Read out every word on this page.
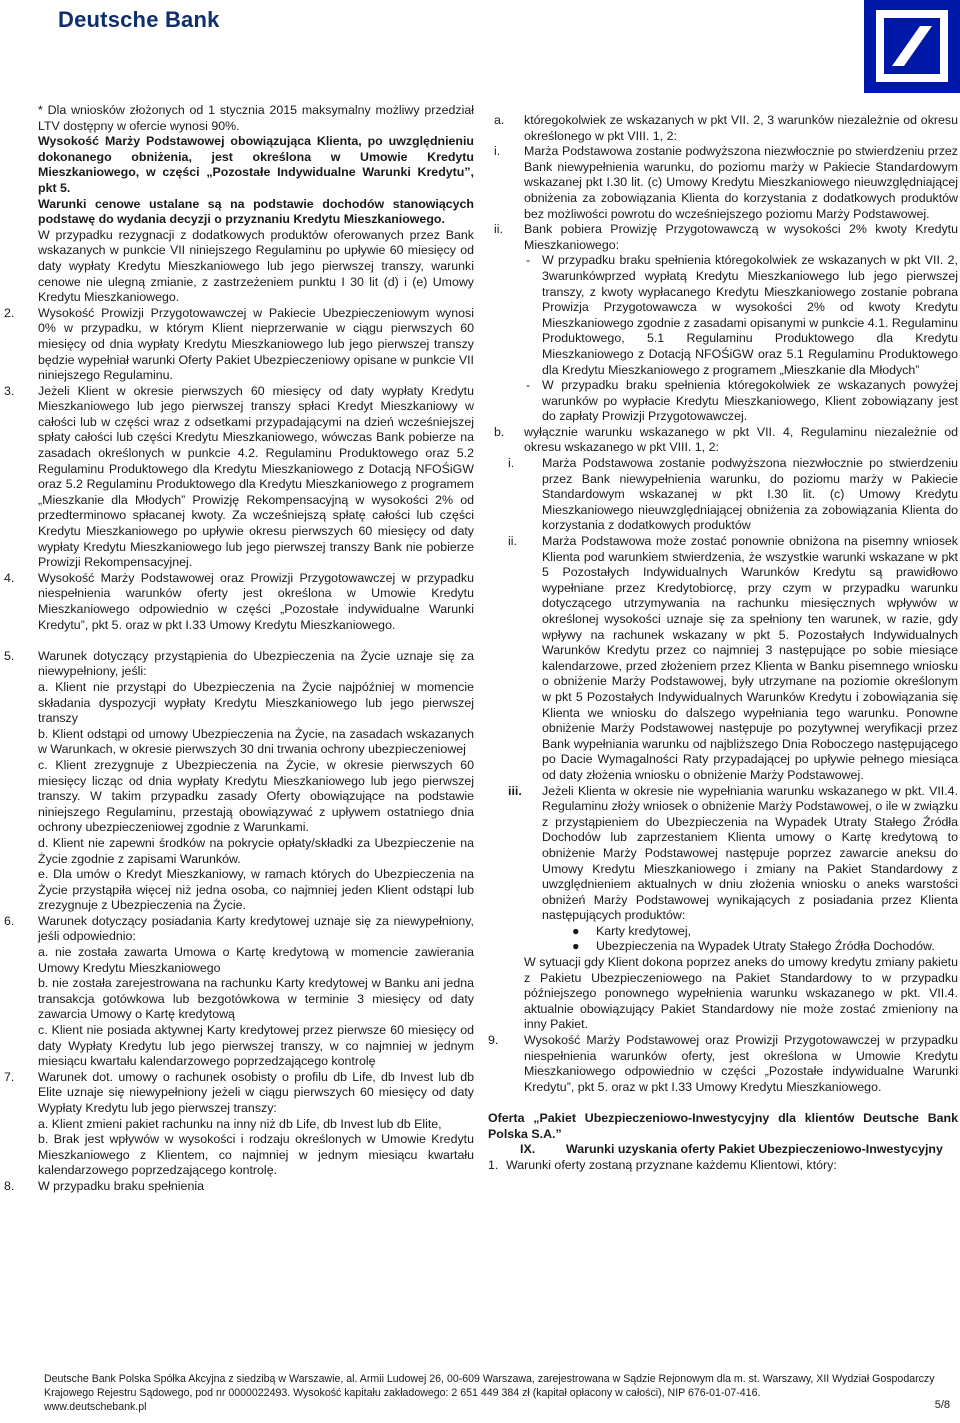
Deutsche Bank
* Dla wniosków złożonych od 1 stycznia 2015 maksymalny możliwy przedział LTV dostępny w ofercie wynosi 90%.
Wysokość Marży Podstawowej obowiązująca Klienta, po uwzględnieniu dokonanego obniżenia, jest określona w Umowie Kredytu Mieszkaniowego, w części „Pozostałe Indywidualne Warunki Kredytu”, pkt 5.
Warunki cenowe ustalane są na podstawie dochodów stanowiących podstawę do wydania decyzji o przyznaniu Kredytu Mieszkaniowego.
W przypadku rezygnacji z dodatkowych produktów oferowanych przez Bank wskazanych w punkcie VII niniejszego Regulaminu po upływie 60 miesięcy od daty wypłaty Kredytu Mieszkaniowego lub jego pierwszej transzy, warunki cenowe nie ulegną zmianie, z zastrzeżeniem punktu I 30 lit (d) i (e) Umowy Kredytu Mieszkaniowego.
2. Wysokość Prowizji Przygotowawczej w Pakiecie Ubezpieczeniowym wynosi 0% w przypadku, w którym Klient nieprzerwanie w ciągu pierwszych 60 miesięcy od dnia wypłaty Kredytu Mieszkaniowego lub jego pierwszej transzy będzie wypełniał warunki Oferty Pakiet Ubezpieczeniowy opisane w punkcie VII niniejszego Regulaminu.
3. Jeżeli Klient w okresie pierwszych 60 miesięcy od daty wypłaty Kredytu Mieszkaniowego lub jego pierwszej transzy spłaci Kredyt Mieszkaniowy w całości lub w części wraz z odsetkami przypadającymi na dzień wcześniejszej spłaty całości lub części Kredytu Mieszkaniowego, wówczas Bank pobierze na zasadach określonych w punkcie 4.2. Regulaminu Produktowego oraz 5.2 Regulaminu Produktowego dla Kredytu Mieszkaniowego z Dotacją NFOŚiGW oraz 5.2 Regulaminu Produktowego dla Kredytu Mieszkaniowego z programem „Mieszkanie dla Młodych” Prowizję Rekompensacyjną w wysokości 2% od przedterminowo spłacanej kwoty. Za wcześniejszą spłatę całości lub części Kredytu Mieszkaniowego po upływie okresu pierwszych 60 miesięcy od daty wypłaty Kredytu Mieszkaniowego lub jego pierwszej transzy Bank nie pobierze Prowizji Rekompensacyjnej.
4. Wysokość Marży Podstawowej oraz Prowizji Przygotowawczej w przypadku niespełnienia warunków oferty jest określona w Umowie Kredytu Mieszkaniowego odpowiednio w części „Pozostałe indywidualne Warunki Kredytu”, pkt 5. oraz w pkt I.33 Umowy Kredytu Mieszkaniowego.
5. Warunek dotyczący przystąpienia do Ubezpieczenia na Życie uznaje się za niewypełniony, jeśli:
a. Klient nie przystąpi do Ubezpieczenia na Życie najpóźniej w momencie składania dyspozycji wypłaty Kredytu Mieszkaniowego lub jego pierwszej transzy
b. Klient odstąpi od umowy Ubezpieczenia na Życie, na zasadach wskazanych w Warunkach, w okresie pierwszych 30 dni trwania ochrony ubezpieczeniowej
c. Klient zrezygnuje z Ubezpieczenia na Życie, w okresie pierwszych 60 miesięcy licząc od dnia wypłaty Kredytu Mieszkaniowego lub jego pierwszej transzy. W takim przypadku zasady Oferty obowiązujące na podstawie niniejszego Regulaminu, przestają obowiązywać z upływem ostatniego dnia ochrony ubezpieczeniowej zgodnie z Warunkami.
d. Klient nie zapewni środków na pokrycie opłaty/składki za Ubezpieczenie na Życie zgodnie z zapisami Warunków.
e. Dla umów o Kredyt Mieszkaniowy, w ramach których do Ubezpieczenia na Życie przystąpiła więcej niż jedna osoba, co najmniej jeden Klient odstąpi lub zrezygnuje z Ubezpieczenia na Życie.
6. Warunek dotyczący posiadania Karty kredytowej uznaje się za niewypełniony, jeśli odpowiednio:
a. nie została zawarta Umowa o Kartę kredytową w momencie zawierania Umowy Kredytu Mieszkaniowego
b. nie została zarejestrowana na rachunku Karty kredytowej w Banku ani jedna transakcja gotówkowa lub bezgotówkowa w terminie 3 miesięcy od daty zawarcia Umowy o Kartę kredytową
c. Klient nie posiada aktywnej Karty kredytowej przez pierwsze 60 miesięcy od daty Wypłaty Kredytu lub jego pierwszej transzy, w co najmniej w jednym miesiącu kwartału kalendarzowego poprzedzającego kontrolę
7. Warunek dot. umowy o rachunek osobisty o profilu db Life, db Invest lub db Elite uznaje się niewypełniony jeżeli w ciągu pierwszych 60 miesięcy od daty Wypłaty Kredytu lub jego pierwszej transzy:
a. Klient zmieni pakiet rachunku na inny niż db Life, db Invest lub db Elite,
b. Brak jest wpływów w wysokości i rodzaju określonych w Umowie Kredytu Mieszkaniowego z Klientem, co najmniej w jednym miesiącu kwartału kalendarzowego poprzedzającego kontrolę.
8. W przypadku braku spełnienia
a. któregokolwiek ze wskazanych w pkt VII. 2, 3 warunków niezależnie od okresu określonego w pkt VIII. 1, 2:
i. Marża Podstawowa zostanie podwyższona niezwłocznie po stwierdzeniu przez Bank niewypełnienia warunku, do poziomu marży w Pakiecie Standardowym wskazanej pkt I.30 lit. (c) Umowy Kredytu Mieszkaniowego nieuwzględniającej obniżenia za zobowiązania Klienta do korzystania z dodatkowych produktów bez możliwości powrotu do wcześniejszego poziomu Marży Podstawowej.
ii. Bank pobiera Prowizję Przygotowawczą w wysokości 2% kwoty Kredytu Mieszkaniowego:
- W przypadku braku spełnienia któregokolwiek ze wskazanych w pkt VII. 2, 3warunkówprzed wypłatą Kredytu Mieszkaniowego lub jego pierwszej transzy, z kwoty wypłacanego Kredytu Mieszkaniowego zostanie pobrana Prowizja Przygotowawcza w wysokości 2% od kwoty Kredytu Mieszkaniowego zgodnie z zasadami opisanymi w punkcie 4.1. Regulaminu Produktowego, 5.1 Regulaminu Produktowego dla Kredytu Mieszkaniowego z Dotacją NFOŚiGW oraz 5.1 Regulaminu Produktowego dla Kredytu Mieszkaniowego z programem „Mieszkanie dla Młodych”
- W przypadku braku spełnienia któregokolwiek ze wskazanych powyżej warunków po wypłacie Kredytu Mieszkaniowego, Klient zobowiązany jest do zapłaty Prowizji Przygotowawczej.
b. wyłącznie warunku wskazanego w pkt VII. 4, Regulaminu niezależnie od okresu wskazanego w pkt VIII. 1, 2:
i. Marża Podstawowa zostanie podwyższona niezwłocznie po stwierdzeniu przez Bank niewypełnienia warunku, do poziomu marży w Pakiecie Standardowym wskazanej w pkt I.30 lit. (c) Umowy Kredytu Mieszkaniowego nieuwzględniającej obniżenia za zobowiązania Klienta do korzystania z dodatkowych produktów
ii. Marża Podstawowa może zostać ponownie obniżona na pisemny wniosek Klienta pod warunkiem stwierdzenia, że wszystkie warunki wskazane w pkt 5 Pozostałych Indywidualnych Warunków Kredytu są prawidłowo wypełniane przez Kredytobiorcę, przy czym w przypadku warunku dotyczącego utrzymywania na rachunku miesięcznych wpływów w określonej wysokości uznaje się za spełniony ten warunek, w razie, gdy wpływy na rachunek wskazany w pkt 5. Pozostałych Indywidualnych Warunków Kredytu przez co najmniej 3 następujące po sobie miesiące kalendarzowe, przed złożeniem przez Klienta w Banku pisemnego wniosku o obniżenie Marży Podstawowej, były utrzymane na poziomie określonym w pkt 5 Pozostałych Indywidualnych Warunków Kredytu i zobowiązania się Klienta we wniosku do dalszego wypełniania tego warunku. Ponowne obniżenie Marży Podstawowej następuje po pozytywnej weryfikacji przez Bank wypełniania warunku od najbliższego Dnia Roboczego następującego po Dacie Wymagalności Raty przypadającej po upływie pełnego miesiąca od daty złożenia wniosku o obniżenie Marży Podstawowej.
iii. Jeżeli Klienta w okresie nie wypełniania warunku wskazanego w pkt. VII.4. Regulaminu złoży wniosek o obniżenie Marży Podstawowej, o ile w związku z przystąpieniem do Ubezpieczenia na Wypadek Utraty Stałego Źródła Dochodów lub zaprzestaniem Klienta umowy o Kartę kredytową to obniżenie Marży Podstawowej następuje poprzez zawarcie aneksu do Umowy Kredytu Mieszkaniowego i zmiany na Pakiet Standardowy z uwzględnieniem aktualnych w dniu złożenia wniosku o aneks warstości obniżeń Marży Podstawowej wynikających z posiadania przez Klienta następujących produktów:
● Karty kredytowej,
● Ubezpieczenia na Wypadek Utraty Stałego Źródła Dochodów.
W sytuacji gdy Klient dokona poprzez aneks do umowy kredytu zmiany pakietu z Pakietu Ubezpieczeniowego na Pakiet Standardowy to w przypadku późniejszego ponownego wypełnienia warunku wskazanego w pkt. VII.4. aktualnie obowiązujący Pakiet Standardowy nie może zostać zmieniony na inny Pakiet.
9. Wysokość Marży Podstawowej oraz Prowizji Przygotowawczej w przypadku niespełnienia warunków oferty, jest określona w Umowie Kredytu Mieszkaniowego odpowiednio w części „Pozostałe indywidualne Warunki Kredytu”, pkt 5. oraz w pkt I.33 Umowy Kredytu Mieszkaniowego.
Oferta „Pakiet Ubezpieczeniowo-Inwestycyjny dla klientów Deutsche Bank Polska S.A.”
IX. Warunki uzyskania oferty Pakiet Ubezpieczeniowo-Inwestycyjny
1. Warunki oferty zostaną przyznane każdemu Klientowi, który:
Deutsche Bank Polska Spółka Akcyjna z siedzibą w Warszawie, al. Armii Ludowej 26, 00-609 Warszawa, zarejestrowana w Sądzie Rejonowym dla m. st. Warszawy, XII Wydział Gospodarczy Krajowego Rejestru Sądowego, pod nr 0000022493. Wysokość kapitału zakładowego: 2 651 449 384 zł (kapitał opłacony w całości), NIP 676-01-07-416.
www.deutschebank.pl	5/8
